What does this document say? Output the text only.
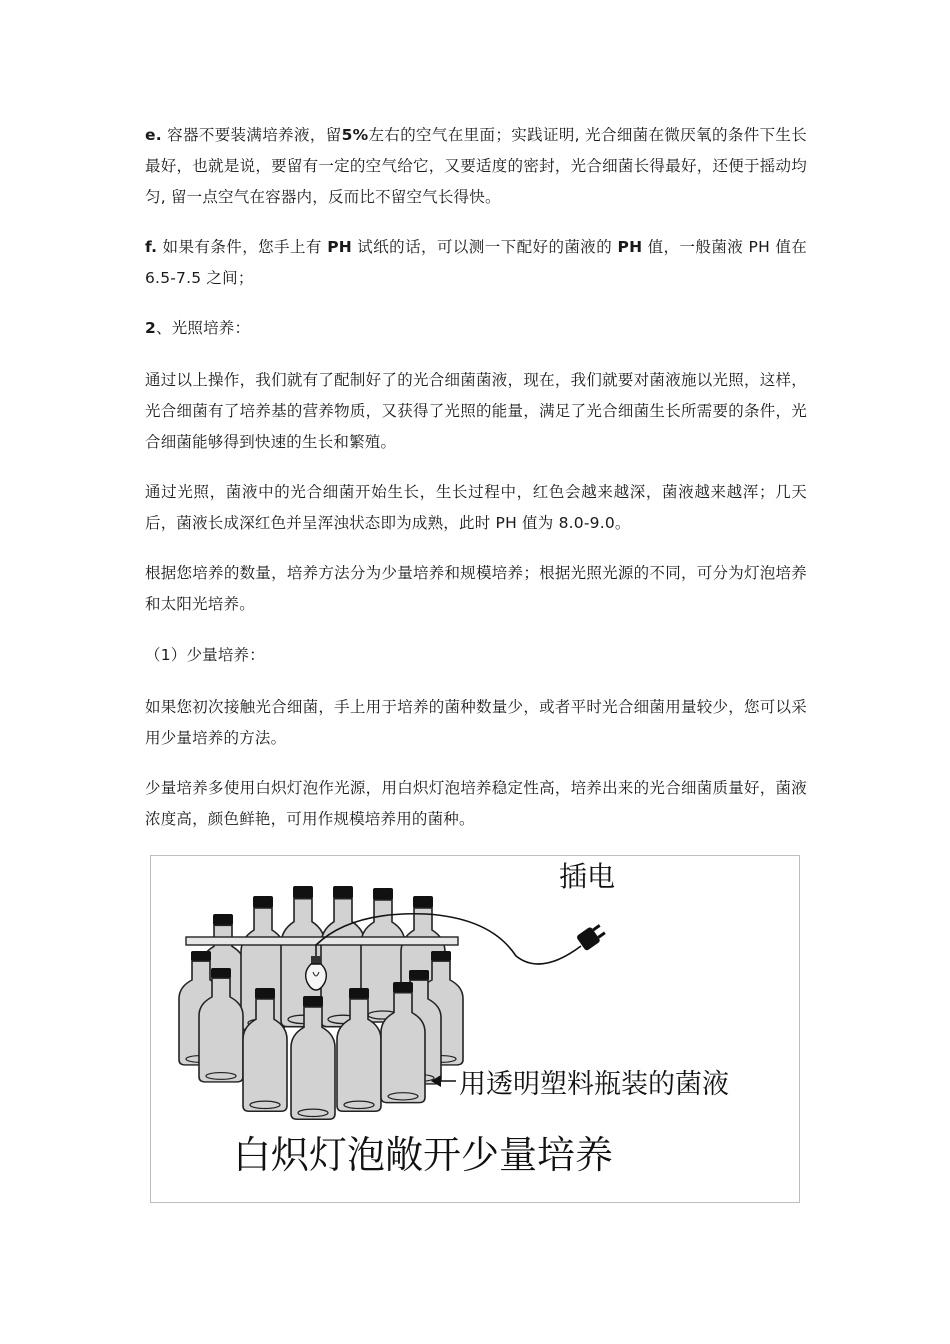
e. 容器不要装满培养液，留5%左右的空气在里面；实践证明, 光合细菌在微厌氧的条件下生长最好，也就是说，要留有一定的空气给它，又要适度的密封，光合细菌长得最好，还便于摇动均匀, 留一点空气在容器内，反而比不留空气长得快。

f. 如果有条件，您手上有 PH 试纸的话，可以测一下配好的菌液的 PH 值，一般菌液 PH 值在 6.5-7.5 之间；

2、光照培养：

通过以上操作，我们就有了配制好了的光合细菌菌液，现在，我们就要对菌液施以光照，这样，光合细菌有了培养基的营养物质，又获得了光照的能量，满足了光合细菌生长所需要的条件，光合细菌能够得到快速的生长和繁殖。

通过光照，菌液中的光合细菌开始生长，生长过程中，红色会越来越深，菌液越来越浑；几天后，菌液长成深红色并呈浑浊状态即为成熟，此时 PH 值为 8.0-9.0。

根据您培养的数量，培养方法分为少量培养和规模培养；根据光照光源的不同，可分为灯泡培养和太阳光培养。

（1）少量培养：

如果您初次接触光合细菌，手上用于培养的菌种数量少，或者平时光合细菌用量较少，您可以采用少量培养的方法。

少量培养多使用白炽灯泡作光源，用白炽灯泡培养稳定性高，培养出来的光合细菌质量好，菌液浓度高，颜色鲜艳，可用作规模培养用的菌种。

插电
用透明塑料瓶装的菌液
白炽灯泡敞开少量培养
